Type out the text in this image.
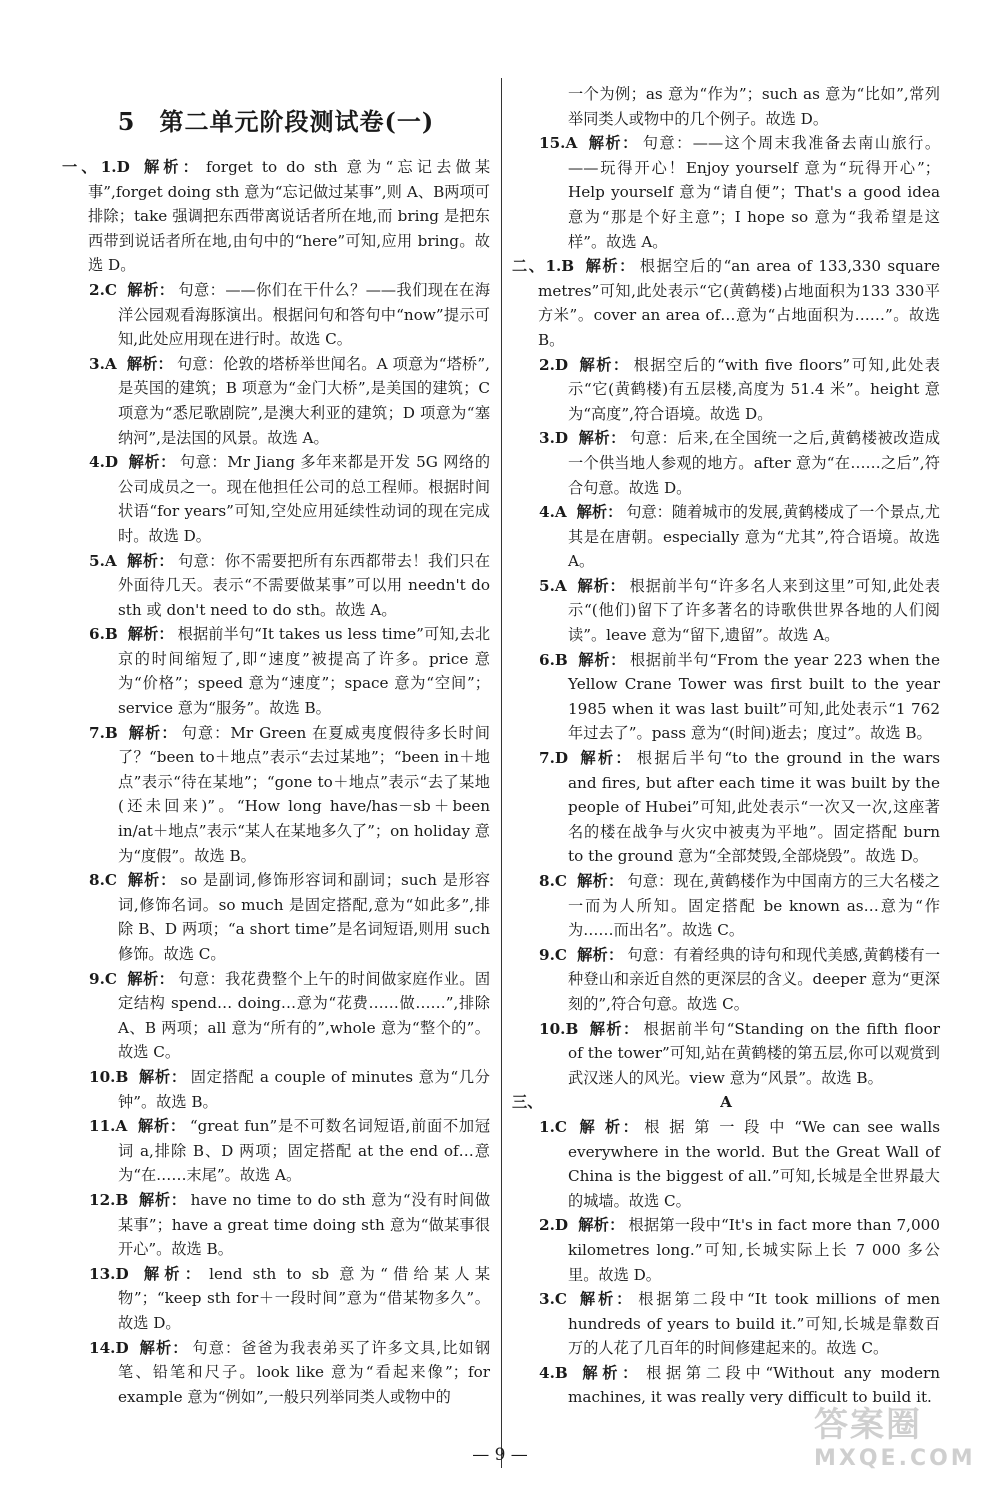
5 第二单元阶段测试卷(一)

一、1.D 解析： forget to do sth 意为“忘记去做某事”,forget doing sth 意为“忘记做过某事”,则 A、B两项可排除；take 强调把东西带离说话者所在地,而 bring 是把东西带到说话者所在地,由句中的“here”可知,应用 bring。故选 D。

2.C 解析： 句意：——你们在干什么？——我们现在在海洋公园观看海豚演出。根据问句和答句中“now”提示可知,此处应用现在进行时。故选 C。

3.A 解析： 句意：伦敦的塔桥举世闻名。A 项意为“塔桥”,是英国的建筑；B 项意为“金门大桥”,是美国的建筑；C 项意为“悉尼歌剧院”,是澳大利亚的建筑；D 项意为“塞纳河”,是法国的风景。故选 A。

4.D 解析： 句意：Mr Jiang 多年来都是开发 5G 网络的公司成员之一。现在他担任公司的总工程师。根据时间状语“for years”可知,空处应用延续性动词的现在完成时。故选 D。

5.A 解析： 句意：你不需要把所有东西都带去！我们只在外面待几天。表示“不需要做某事”可以用 needn't do sth 或 don't need to do sth。故选 A。

6.B 解析： 根据前半句“It takes us less time”可知,去北京的时间缩短了,即“速度”被提高了许多。price 意为“价格”；speed 意为“速度”；space 意为“空间”；service 意为“服务”。故选 B。

7.B 解析： 句意：Mr Green 在夏威夷度假待多长时间了？“been to＋地点”表示“去过某地”；“been in＋地点”表示“待在某地”；“gone to＋地点”表示“去了某地(还未回来)”。“How long have/has－sb＋been in/at＋地点”表示“某人在某地多久了”；on holiday 意为“度假”。故选 B。

8.C 解析： so 是副词,修饰形容词和副词；such 是形容词,修饰名词。so much 是固定搭配,意为“如此多”,排除 B、D 两项；“a short time”是名词短语,则用 such 修饰。故选 C。

9.C 解析： 句意：我花费整个上午的时间做家庭作业。固定结构 spend… doing…意为“花费……做……”,排除 A、B 两项；all 意为“所有的”,whole 意为“整个的”。故选 C。

10.B 解析： 固定搭配 a couple of minutes 意为“几分钟”。故选 B。

11.A 解析： “great fun”是不可数名词短语,前面不加冠词 a,排除 B、D 两项；固定搭配 at the end of…意为“在……末尾”。故选 A。

12.B 解析： have no time to do sth 意为“没有时间做某事”；have a great time doing sth 意为“做某事很开心”。故选 B。

13.D 解析： lend sth to sb 意为“借给某人某物”；“keep sth for＋一段时间”意为“借某物多久”。故选 D。

14.D 解析： 句意：爸爸为我表弟买了许多文具,比如钢笔、铅笔和尺子。look like 意为“看起来像”；for example 意为“例如”,一般只列举同类人或物中的

一个为例；as 意为“作为”；such as 意为“比如”,常列举同类人或物中的几个例子。故选 D。

15.A 解析： 句意：——这个周末我准备去南山旅行。——玩得开心！Enjoy yourself 意为“玩得开心”；Help yourself 意为“请自便”；That's a good idea 意为“那是个好主意”；I hope so 意为“我希望是这样”。故选 A。

二、1.B 解析： 根据空后的“an area of 133,330 square metres”可知,此处表示“它(黄鹤楼)占地面积为133 330平方米”。cover an area of…意为“占地面积为……”。故选 B。

2.D 解析： 根据空后的“with five floors”可知,此处表示“它(黄鹤楼)有五层楼,高度为 51.4 米”。height 意为“高度”,符合语境。故选 D。

3.D 解析： 句意：后来,在全国统一之后,黄鹤楼被改造成一个供当地人参观的地方。after 意为“在……之后”,符合句意。故选 D。

4.A 解析： 句意：随着城市的发展,黄鹤楼成了一个景点,尤其是在唐朝。especially 意为“尤其”,符合语境。故选 A。

5.A 解析： 根据前半句“许多名人来到这里”可知,此处表示“(他们)留下了许多著名的诗歌供世界各地的人们阅读”。leave 意为“留下,遗留”。故选 A。

6.B 解析： 根据前半句“From the year 223 when the Yellow Crane Tower was first built to the year 1985 when it was last built”可知,此处表示“1 762年过去了”。pass 意为“(时间)逝去；度过”。故选 B。

7.D 解析： 根据后半句“to the ground in the wars and fires, but after each time it was built by the people of Hubei”可知,此处表示“一次又一次,这座著名的楼在战争与火灾中被夷为平地”。固定搭配 burn to the ground 意为“全部焚毁,全部烧毁”。故选 D。

8.C 解析： 句意：现在,黄鹤楼作为中国南方的三大名楼之一而为人所知。固定搭配 be known as…意为“作为……而出名”。故选 C。

9.C 解析： 句意：有着经典的诗句和现代美感,黄鹤楼有一种登山和亲近自然的更深层的含义。deeper 意为“更深刻的”,符合句意。故选 C。

10.B 解析： 根据前半句“Standing on the fifth floor of the tower”可知,站在黄鹤楼的第五层,你可以观赏到武汉迷人的风光。view 意为“风景”。故选 B。

三、	A

1.C 解 析： 根 据 第 一 段 中 “We can see walls everywhere in the world. But the Great Wall of China is the biggest of all.”可知,长城是全世界最大的城墙。故选 C。

2.D 解析： 根据第一段中“It's in fact more than 7,000 kilometres long.”可知,长城实际上长 7 000 多公里。故选 D。

3.C 解析： 根据第二段中“It took millions of men hundreds of years to build it.”可知,长城是靠数百万的人花了几百年的时间修建起来的。故选 C。

4.B 解析： 根据第二段中“Without any modern machines, it was really very difficult to build it.

— 9 —
答案圈
MXQE.COM
